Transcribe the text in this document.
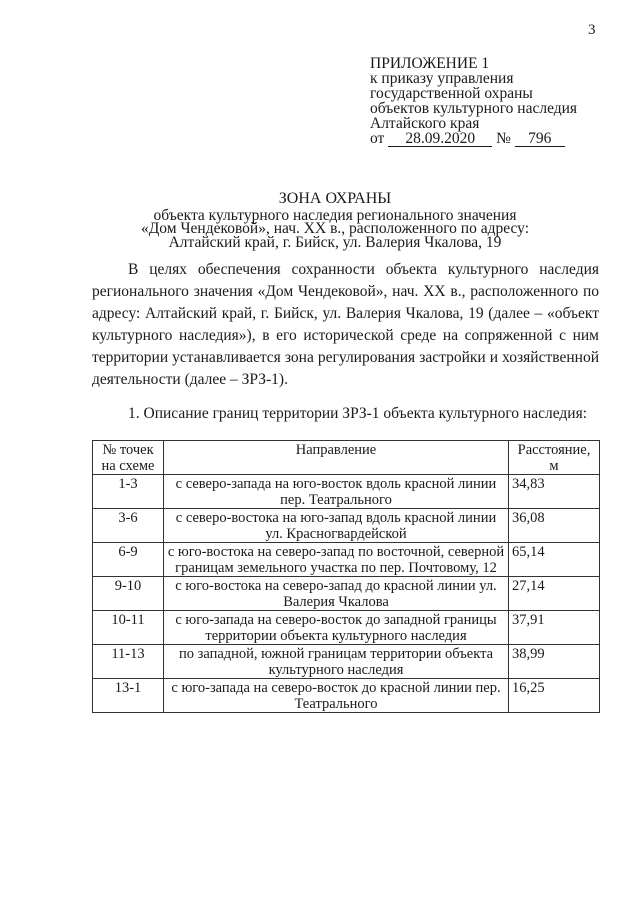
3
ПРИЛОЖЕНИЕ 1
к приказу управления
государственной охраны
объектов культурного наследия
Алтайского края
от 28.09.2020 № 796
ЗОНА ОХРАНЫ
объекта культурного наследия регионального значения
«Дом Чендековой», нач. ХХ в., расположенного по адресу:
Алтайский край, г. Бийск, ул. Валерия Чкалова, 19

В целях обеспечения сохранности объекта культурного наследия регионального значения «Дом Чендековой», нач. ХХ в., расположенного по адресу: Алтайский край, г. Бийск, ул. Валерия Чкалова, 19 (далее – «объект культурного наследия»), в его исторической среде на сопряженной с ним территории устанавливается зона регулирования застройки и хозяйственной деятельности (далее – ЗРЗ-1).

1. Описание границ территории ЗРЗ-1 объекта культурного наследия:
№ точек на схеме	Направление	Расстояние, м
1-3	с северо-запада на юго-восток вдоль красной линии пер. Театрального	34,83
3-6	с северо-востока на юго-запад вдоль красной линии ул. Красногвардейской	36,08
6-9	с юго-востока на северо-запад по восточной, северной границам земельного участка по пер. Почтовому, 12	65,14
9-10	с юго-востока на северо-запад до красной линии ул. Валерия Чкалова	27,14
10-11	с юго-запада на северо-восток до западной границы территории объекта культурного наследия	37,91
11-13	по западной, южной границам территории объекта культурного наследия	38,99
13-1	с юго-запада на северо-восток до красной линии пер. Театрального	16,25
